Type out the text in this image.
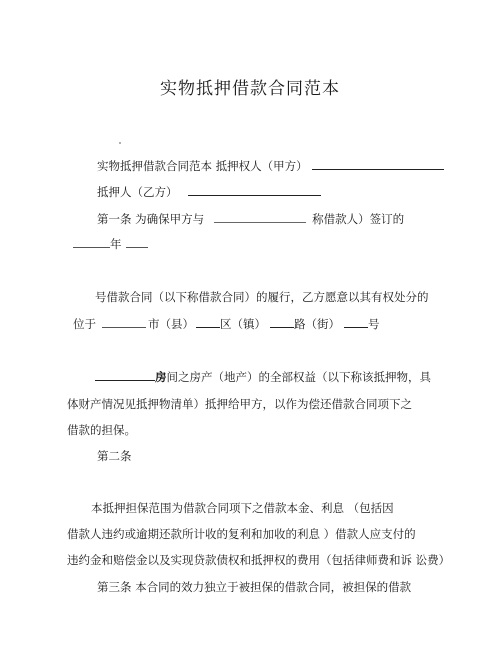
实物抵押借款合同范本
实物抵押借款合同范本 抵押权人（甲方）
抵押人（乙方）
第一条 为确保甲方与	称借款人）签订的
年
号借款合同（以下称借款合同）的履行，乙方愿意以其有权处分的
位于	市（县） 区（镇） 路（街） 号
房间之房产（地产）的全部权益（以下称该抵押物，具
体财产情况见抵押物清单）抵押给甲方，以作为偿还借款合同项下之
借款的担保。
第二条
本抵押担保范围为借款合同项下之借款本金、利息 （包括因
借款人违约或逾期还款所计收的复利和加收的利息 ）借款人应支付的
违约金和赔偿金以及实现贷款债权和抵押权的费用（包括律师费和诉 讼费）
第三条 本合同的效力独立于被担保的借款合同，被担保的借款
